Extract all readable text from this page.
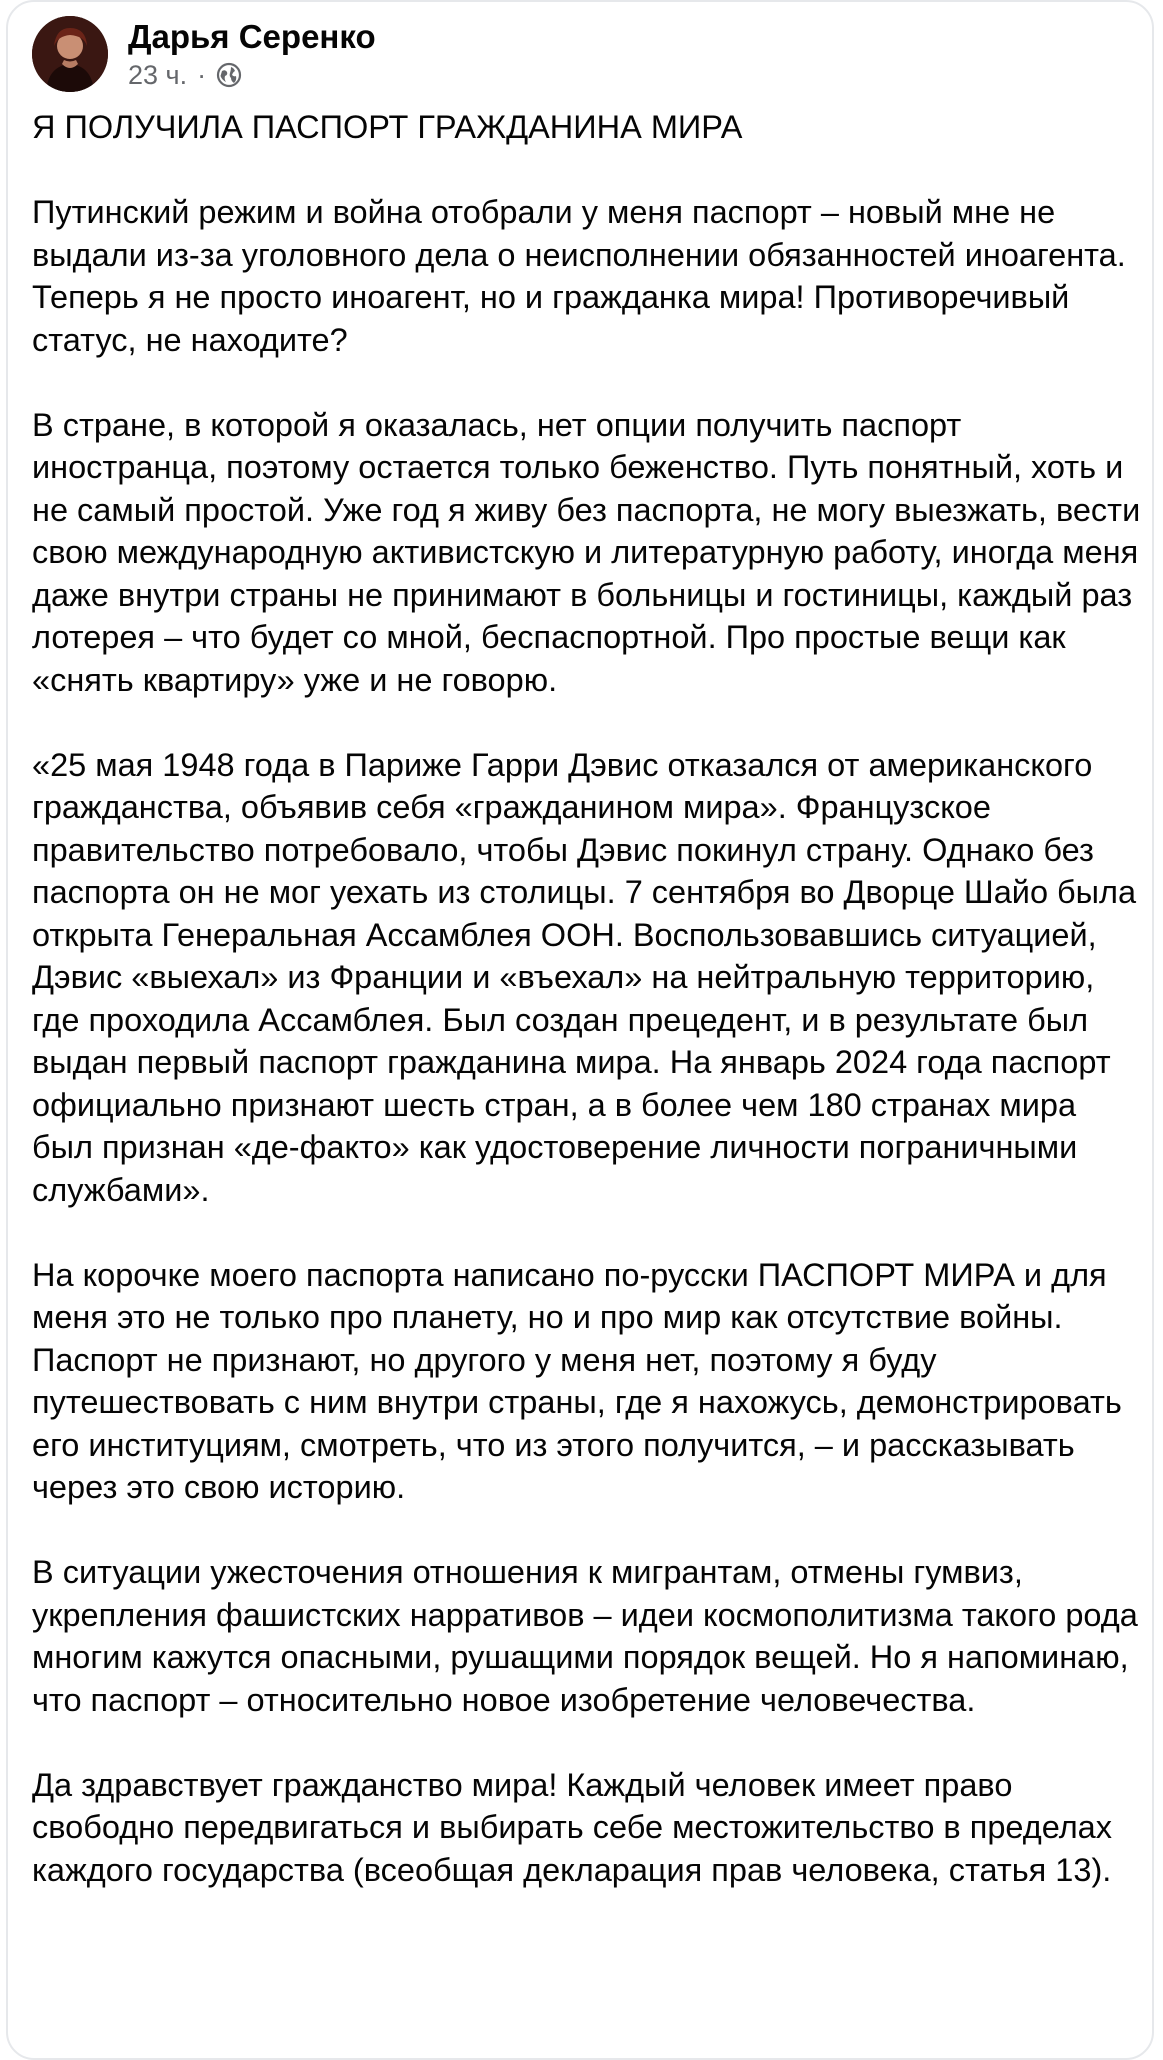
Дарья Серенко
23 ч. ·

Я ПОЛУЧИЛА ПАСПОРТ ГРАЖДАНИНА МИРА

Путинский режим и война отобрали у меня паспорт – новый мне не выдали из-за уголовного дела о неисполнении обязанностей иноагента. Теперь я не просто иноагент, но и гражданка мира! Противоречивый статус, не находите?

В стране, в которой я оказалась, нет опции получить паспорт иностранца, поэтому остается только беженство. Путь понятный, хоть и не самый простой. Уже год я живу без паспорта, не могу выезжать, вести свою международную активистскую и литературную работу, иногда меня даже внутри страны не принимают в больницы и гостиницы, каждый раз лотерея – что будет со мной, беспаспортной. Про простые вещи как «снять квартиру» уже и не говорю.

«25 мая 1948 года в Париже Гарри Дэвис отказался от американского гражданства, объявив себя «гражданином мира». Французское правительство потребовало, чтобы Дэвис покинул страну. Однако без паспорта он не мог уехать из столицы. 7 сентября во Дворце Шайо была открыта Генеральная Ассамблея ООН. Воспользовавшись ситуацией, Дэвис «выехал» из Франции и «въехал» на нейтральную территорию, где проходила Ассамблея. Был создан прецедент, и в результате был выдан первый паспорт гражданина мира. На январь 2024 года паспорт официально признают шесть стран, а в более чем 180 странах мира был признан «де-факто» как удостоверение личности пограничными службами».

На корочке моего паспорта написано по-русски ПАСПОРТ МИРА и для меня это не только про планету, но и про мир как отсутствие войны. Паспорт не признают, но другого у меня нет, поэтому я буду путешествовать с ним внутри страны, где я нахожусь, демонстрировать его институциям, смотреть, что из этого получится, – и рассказывать через это свою историю.

В ситуации ужесточения отношения к мигрантам, отмены гумвиз, укрепления фашистских нарративов – идеи космополитизма такого рода многим кажутся опасными, рушащими порядок вещей. Но я напоминаю, что паспорт – относительно новое изобретение человечества.

Да здравствует гражданство мира! Каждый человек имеет право свободно передвигаться и выбирать себе местожительство в пределах каждого государства (всеобщая декларация прав человека, статья 13).
